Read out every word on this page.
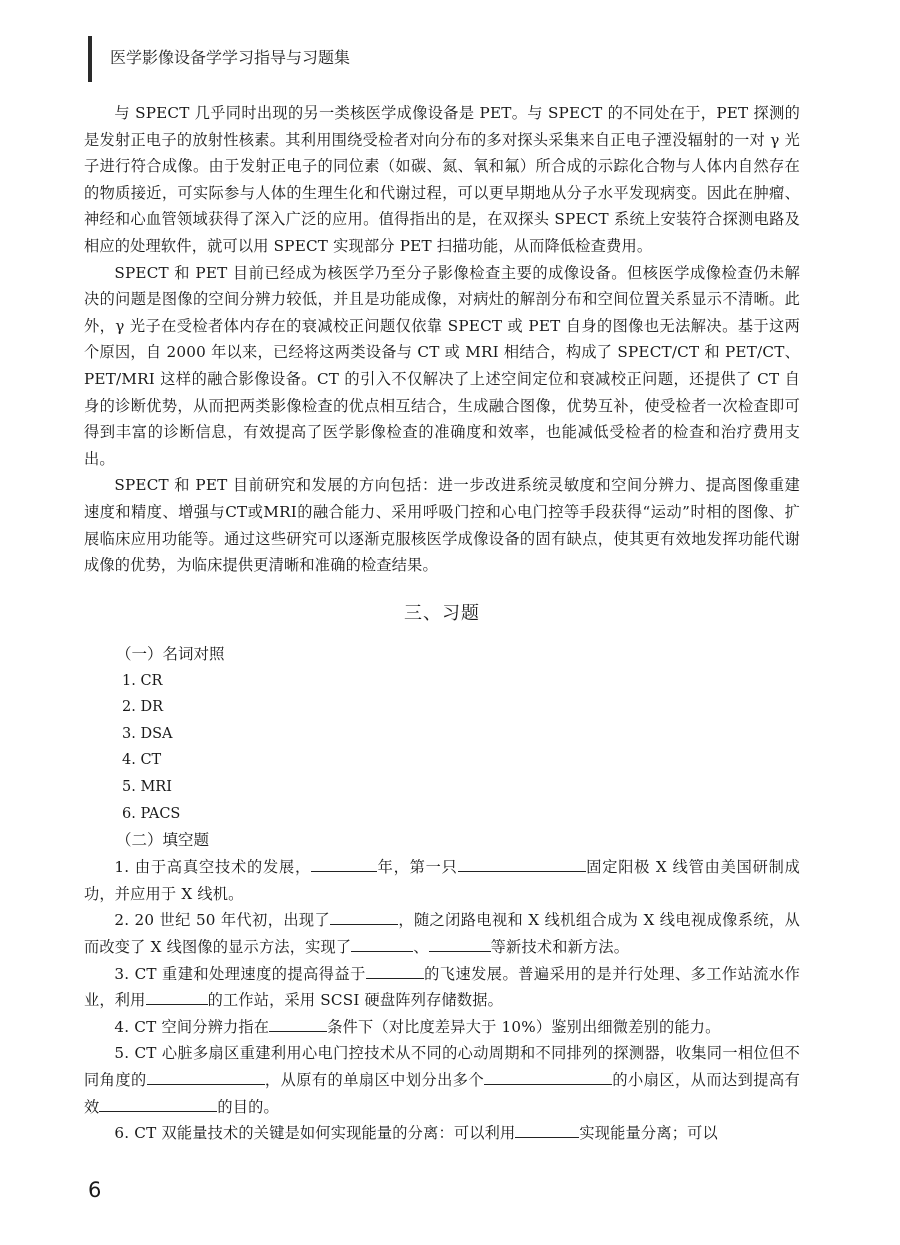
医学影像设备学学习指导与习题集

与 SPECT 几乎同时出现的另一类核医学成像设备是 PET。与 SPECT 的不同处在于，PET 探测的是发射正电子的放射性核素。其利用围绕受检者对向分布的多对探头采集来自正电子湮没辐射的一对 γ 光子进行符合成像。由于发射正电子的同位素（如碳、氮、氧和氟）所合成的示踪化合物与人体内自然存在的物质接近，可实际参与人体的生理生化和代谢过程，可以更早期地从分子水平发现病变。因此在肿瘤、神经和心血管领域获得了深入广泛的应用。值得指出的是，在双探头 SPECT 系统上安装符合探测电路及相应的处理软件，就可以用 SPECT 实现部分 PET 扫描功能，从而降低检查费用。

SPECT 和 PET 目前已经成为核医学乃至分子影像检查主要的成像设备。但核医学成像检查仍未解决的问题是图像的空间分辨力较低，并且是功能成像，对病灶的解剖分布和空间位置关系显示不清晰。此外，γ 光子在受检者体内存在的衰减校正问题仅依靠 SPECT 或 PET 自身的图像也无法解决。基于这两个原因，自 2000 年以来，已经将这两类设备与 CT 或 MRI 相结合，构成了 SPECT/CT 和 PET/CT、PET/MRI 这样的融合影像设备。CT 的引入不仅解决了上述空间定位和衰减校正问题，还提供了 CT 自身的诊断优势，从而把两类影像检查的优点相互结合，生成融合图像，优势互补，使受检者一次检查即可得到丰富的诊断信息，有效提高了医学影像检查的准确度和效率，也能减低受检者的检查和治疗费用支出。

SPECT 和 PET 目前研究和发展的方向包括：进一步改进系统灵敏度和空间分辨力、提高图像重建速度和精度、增强与CT或MRI的融合能力、采用呼吸门控和心电门控等手段获得“运动”时相的图像、扩展临床应用功能等。通过这些研究可以逐渐克服核医学成像设备的固有缺点，使其更有效地发挥功能代谢成像的优势，为临床提供更清晰和准确的检查结果。

三、习题

（一）名词对照

1. CR

2. DR

3. DSA

4. CT

5. MRI

6. PACS

（二）填空题

1. 由于高真空技术的发展，	年，第一只	固定阳极 X 线管由美国研制成功，并应用于 X 线机。

2. 20 世纪 50 年代初，出现了	，随之闭路电视和 X 线机组合成为 X 线电视成像系统，从而改变了 X 线图像的显示方法，实现了	、	等新技术和新方法。

3. CT 重建和处理速度的提高得益于	的飞速发展。普遍采用的是并行处理、多工作站流水作业，利用	的工作站，采用 SCSI 硬盘阵列存储数据。

4. CT 空间分辨力指在	条件下（对比度差异大于 10%）鉴别出细微差别的能力。

5. CT 心脏多扇区重建利用心电门控技术从不同的心动周期和不同排列的探测器，收集同一相位但不同角度的	，从原有的单扇区中划分出多个	的小扇区，从而达到提高有效	的目的。

6. CT 双能量技术的关键是如何实现能量的分离：可以利用	实现能量分离；可以

6
